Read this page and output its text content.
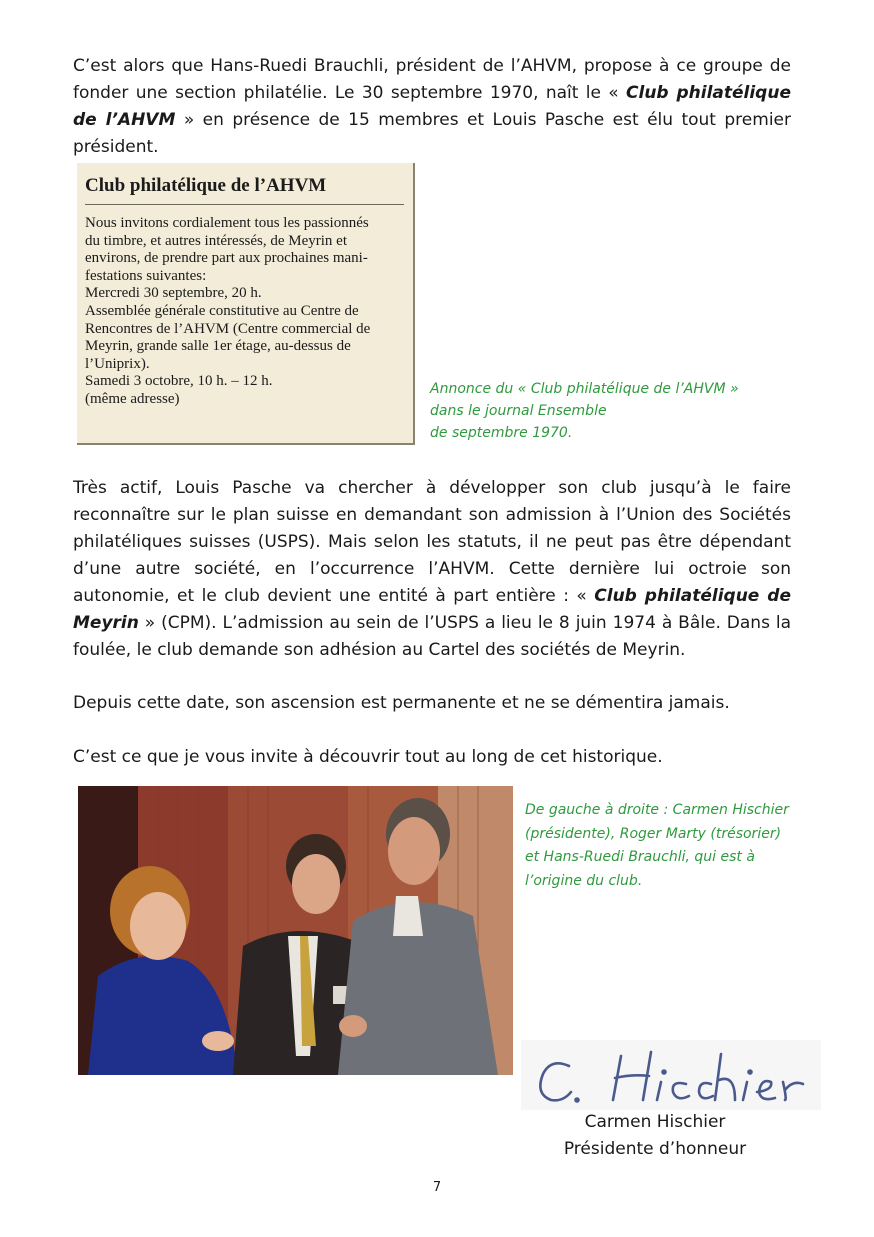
C’est alors que Hans-Ruedi Brauchli, président de l’AHVM, propose à ce groupe de fonder une section philatélie. Le 30 septembre 1970, naît le « Club philatélique de l’AHVM » en présence de 15 membres et Louis Pasche est élu tout premier président.

Club philatélique de l’AHVM
Nous invitons cordialement tous les passionnés
du timbre, et autres intéressés, de Meyrin et
environs, de prendre part aux prochaines mani-
festations suivantes:
Mercredi 30 septembre, 20 h.
Assemblée générale constitutive au Centre de
Rencontres de l’AHVM (Centre commercial de
Meyrin, grande salle 1er étage, au-dessus de
l’Uniprix).
Samedi 3 octobre, 10 h. – 12 h.
(même adresse)
Annonce du « Club philatélique de l’AHVM »
dans le journal Ensemble
de septembre 1970.

Très actif, Louis Pasche va chercher à développer son club jusqu’à le faire reconnaître sur le plan suisse en demandant son admission à l’Union des Sociétés philatéliques suisses (USPS). Mais selon les statuts, il ne peut pas être dépendant d’une autre société, en l’occurrence l’AHVM. Cette dernière lui octroie son autonomie, et le club devient une entité à part entière : « Club philatélique de Meyrin » (CPM). L’admission au sein de l’USPS a lieu le 8 juin 1974 à Bâle. Dans la foulée, le club demande son adhésion au Cartel des sociétés de Meyrin.

Depuis cette date, son ascension est permanente et ne se démentira jamais.

C’est ce que je vous invite à découvrir tout au long de cet historique.

De gauche à droite : Carmen Hischier
(présidente), Roger Marty (trésorier)
et Hans-Ruedi Brauchli, qui est à
l’origine du club.
Carmen Hischier
Présidente d’honneur
7
